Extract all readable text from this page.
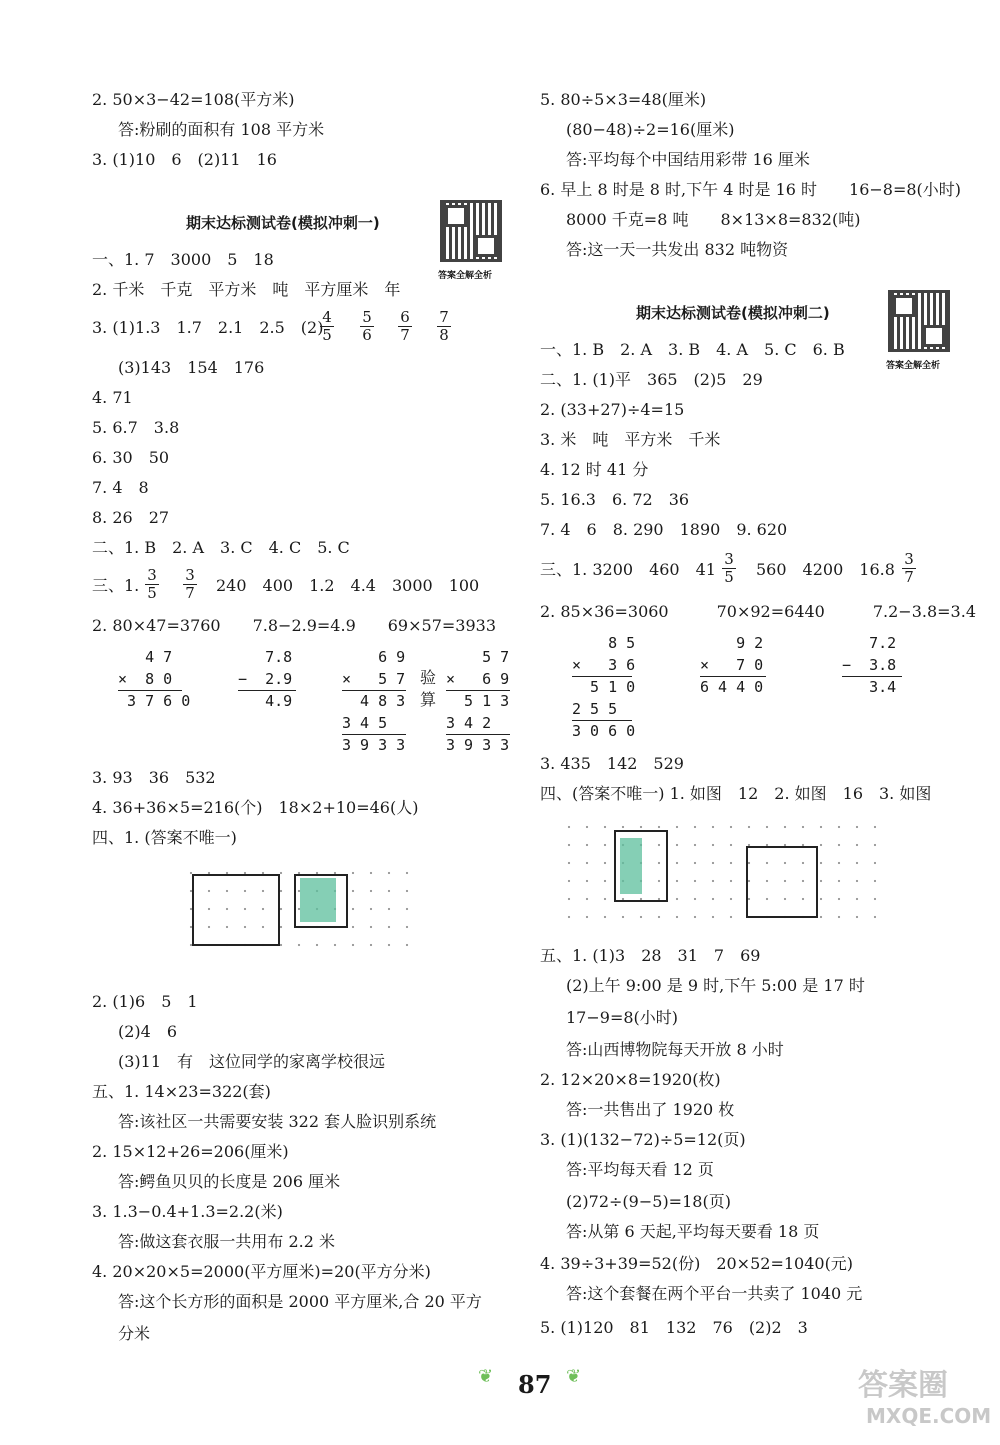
答案全解全析
期末达标测试卷(模拟冲刺一)
答案全解全析
期末达标测试卷(模拟冲刺二)
验
算
❦ 87 ❦	答案圈
MXQE.COM
2. 50×3−42=108(平方米)
答:粉刷的面积有 108 平方米
3. (1)10　6　(2)11　16
一、1. 7　3000　5　18
2. 千米　千克　平方米　吨　平方厘米　年
3. (1)1.3　1.7　2.1　2.5　(2)
(3)143　154　176
4. 71
5. 6.7　3.8
6. 30　50
7. 4　8
8. 26　27
二、1. B　2. A　3. C　4. C　5. C
三、1.	240　400　1.2　4.4　3000　100
2. 80×47=3760　　7.8−2.9=4.9　　69×57=3933
3. 93　36　532
4. 36+36×5=216(个)　18×2+10=46(人)
四、1. (答案不唯一)
2. (1)6　5　1
(2)4　6
(3)11　有　这位同学的家离学校很远
五、1. 14×23=322(套)
答:该社区一共需要安装 322 套人脸识别系统
2. 15×12+26=206(厘米)
答:鳄鱼贝贝的长度是 206 厘米
3. 1.3−0.4+1.3=2.2(米)
答:做这套衣服一共用布 2.2 米
4. 20×20×5=2000(平方厘米)=20(平方分米)
答:这个长方形的面积是 2000 平方厘米,合 20 平方
分米
$\frac{4}{5} \frac{5}{6} \frac{6}{7} \frac{7}{8}$
$\frac{3}{5} \frac{3}{7}$
4 7
×  8 0
3 7 6 0
7.8
−  2.9
4.9
6 9
×   5 7
4 8 3
3 4 5
3 9 3 3
5 7
×   6 9
5 1 3
3 4 2
3 9 3 3
5. 80÷5×3=48(厘米)
(80−48)÷2=16(厘米)
答:平均每个中国结用彩带 16 厘米
6. 早上 8 时是 8 时,下午 4 时是 16 时　　16−8=8(小时)
8000 千克=8 吨　　8×13×8=832(吨)
答:这一天一共发出 832 吨物资
一、1. B　2. A　3. B　4. A　5. C　6. B
二、1. (1)平　365　(2)5　29
2. (33+27)÷4=15
3. 米　吨　平方米　千米
4. 12 时 41 分
5. 16.3　6. 72　36
7. 4　6　8. 290　1890　9. 620
三、1. 3200　460　41	560　4200　16.8
2. 85×36=3060　　　70×92=6440　　　7.2−3.8=3.4
3. 435　142　529
四、(答案不唯一) 1. 如图　12　2. 如图　16　3. 如图
五、1. (1)3　28　31　7　69
(2)上午 9:00 是 9 时,下午 5:00 是 17 时
17−9=8(小时)
答:山西博物院每天开放 8 小时
2. 12×20×8=1920(枚)
答:一共售出了 1920 枚
3. (1)(132−72)÷5=12(页)
答:平均每天看 12 页
(2)72÷(9−5)=18(页)
答:从第 6 天起,平均每天要看 18 页
4. 39÷3+39=52(份)　20×52=1040(元)
答:这个套餐在两个平台一共卖了 1040 元
5. (1)120　81　132　76　(2)2　3
$\frac{3}{5}$	$\frac{3}{7}$
8 5
×   3 6
5 1 0
2 5 5
3 0 6 0
9 2
×   7 0
6 4 4 0
7.2
−  3.8
3.4
